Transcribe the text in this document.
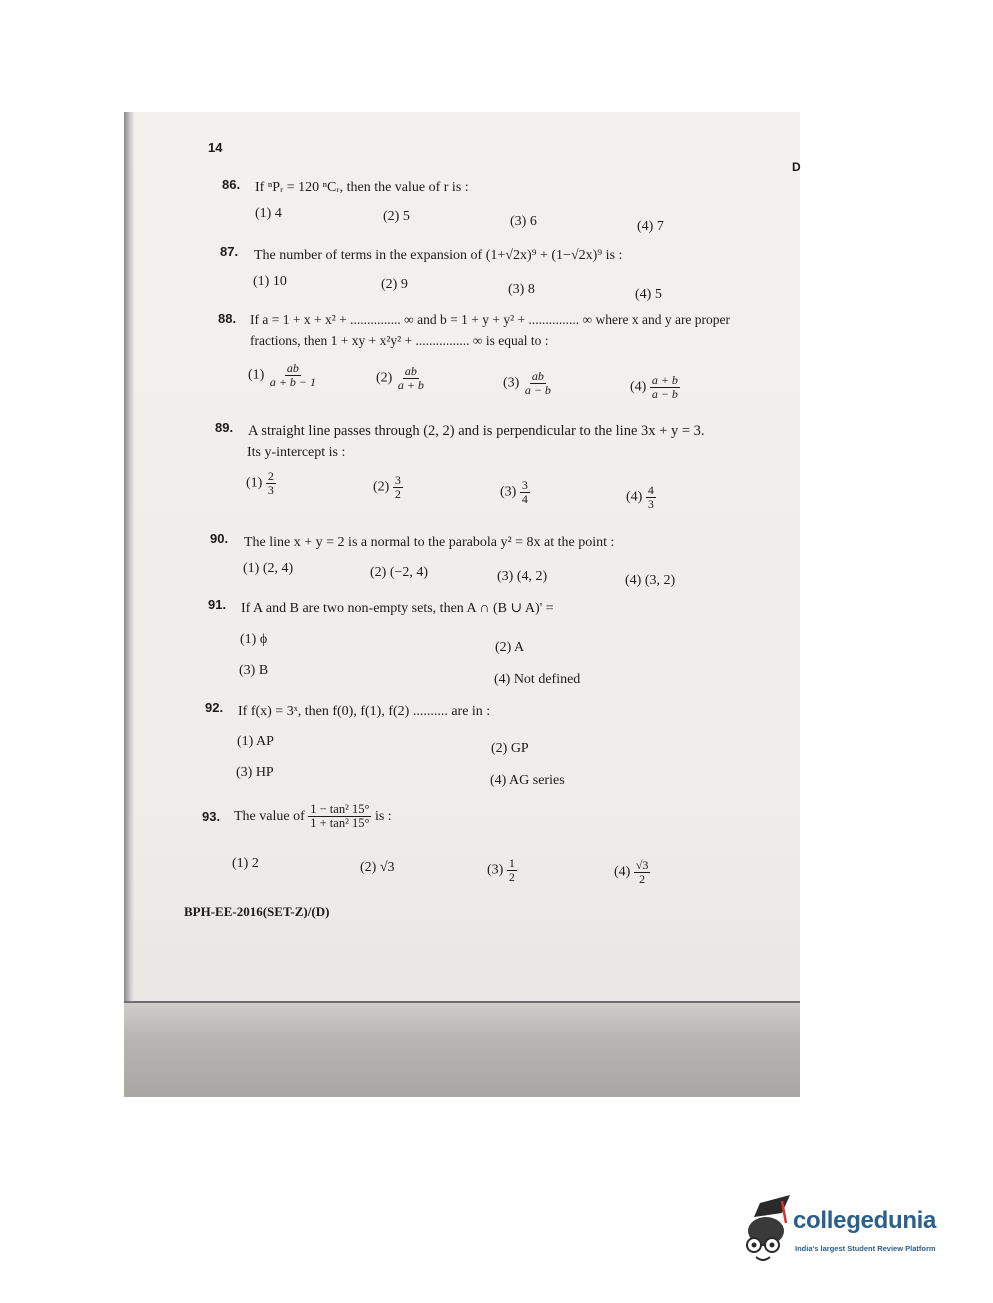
14
D
86. If ⁿPᵣ = 120 ⁿCᵣ, then the value of r is :
(1) 4	(2) 5	(3) 6	(4) 7
87. The number of terms in the expansion of (1+√2x)⁹ + (1−√2x)⁹ is :
(1) 10	(2) 9	(3) 8	(4) 5
88. If a = 1 + x + x² + ............... ∞ and b = 1 + y + y² + ............... ∞ where x and y are proper
fractions, then 1 + xy + x²y² + ................ ∞ is equal to :
$(1) \frac{ab}{a + b - 1}$	$(2) \frac{ab}{a + b}$	$(3) \frac{ab}{a - b}$	$(4) \frac{a + b}{a - b}$
89. A straight line passes through (2, 2) and is perpendicular to the line 3x + y = 3.
Its y-intercept is :
$(1) \frac{2}{3}$	$(2) \frac{3}{2}$	$(3) \frac{3}{4}$	$(4) \frac{4}{3}$
90. The line x + y = 2 is a normal to the parabola y² = 8x at the point :
(1) (2, 4)	(2) (−2, 4)	(3) (4, 2)	(4) (3, 2)
91. If A and B are two non-empty sets, then A ∩ (B ∪ A)' =
(1) ϕ
(2) A
(3) B
(4) Not defined
92. If f(x) = 3ˣ, then f(0), f(1), f(2) .......... are in :
(1) AP	(2) GP
(3) HP
(4) AG series
93. The value of $\frac{\text{1 − tan² 15°}}{\text{1 + tan² 15°}}$ is :
(1) 2	(2) √3	$(3) \frac{1}{2}$	$(4) \frac{√3}{2}$
BPH-EE-2016(SET-Z)/(D)
collegedunia
India's largest Student Review Platform
